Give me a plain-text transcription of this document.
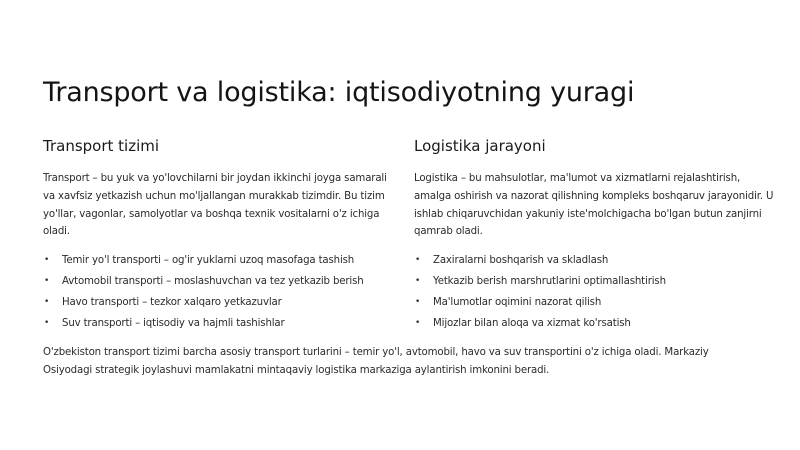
Transport va logistika: iqtisodiyotning yuragi
Transport tizimi

Transport – bu yuk va yo'lovchilarni bir joydan ikkinchi joyga samarali va xavfsiz yetkazish uchun mo'ljallangan murakkab tizimdir. Bu tizim yo'llar, vagonlar, samolyotlar va boshqa texnik vositalarni o'z ichiga oladi.

• Temir yo'l transporti – og'ir yuklarni uzoq masofaga tashish
• Avtomobil transporti – moslashuvchan va tez yetkazib berish
• Havo transporti – tezkor xalqaro yetkazuvlar
• Suv transporti – iqtisodiy va hajmli tashishlar
Logistika jarayoni

Logistika – bu mahsulotlar, ma'lumot va xizmatlarni rejalashtirish, amalga oshirish va nazorat qilishning kompleks boshqaruv jarayonidir. U ishlab chiqaruvchidan yakuniy iste'molchigacha bo'lgan butun zanjirni qamrab oladi.

• Zaxiralarni boshqarish va skladlash
• Yetkazib berish marshrutlarini optimallashtirish
• Ma'lumotlar oqimini nazorat qilish
• Mijozlar bilan aloqa va xizmat ko'rsatish

O'zbekiston transport tizimi barcha asosiy transport turlarini – temir yo'l, avtomobil, havo va suv transportini o'z ichiga oladi. Markaziy Osiyodagi strategik joylashuvi mamlakatni mintaqaviy logistika markaziga aylantirish imkonini beradi.
